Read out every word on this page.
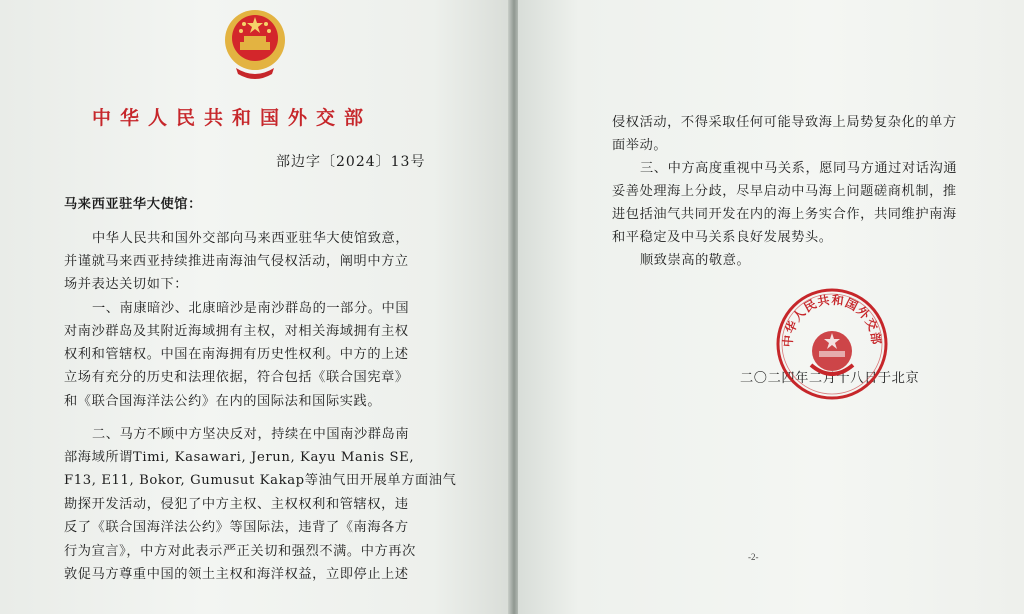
中华人民共和国外交部
部边字〔2024〕13号
马来西亚驻华大使馆：
中华人民共和国外交部向马来西亚驻华大使馆致意，
并谨就马来西亚持续推进南海油气侵权活动，阐明中方立
场并表达关切如下：
一、南康暗沙、北康暗沙是南沙群岛的一部分。中国
对南沙群岛及其附近海域拥有主权，对相关海域拥有主权
权利和管辖权。中国在南海拥有历史性权利。中方的上述
立场有充分的历史和法理依据，符合包括《联合国宪章》
和《联合国海洋法公约》在内的国际法和国际实践。
二、马方不顾中方坚决反对，持续在中国南沙群岛南
部海域所谓Timi, Kasawari, Jerun, Kayu Manis SE,
F13, E11, Bokor, Gumusut Kakap等油气田开展单方面油气
勘探开发活动，侵犯了中方主权、主权权利和管辖权，违
反了《联合国海洋法公约》等国际法，违背了《南海各方
行为宣言》，中方对此表示严正关切和强烈不满。中方再次
敦促马方尊重中国的领土主权和海洋权益，立即停止上述
侵权活动，不得采取任何可能导致海上局势复杂化的单方
面举动。
三、中方高度重视中马关系，愿同马方通过对话沟通
妥善处理海上分歧，尽早启动中马海上问题磋商机制，推
进包括油气共同开发在内的海上务实合作，共同维护南海
和平稳定及中马关系良好发展势头。
顺致崇高的敬意。
二〇二四年二月十八日于北京
中华人民共和国外交部
-2-
